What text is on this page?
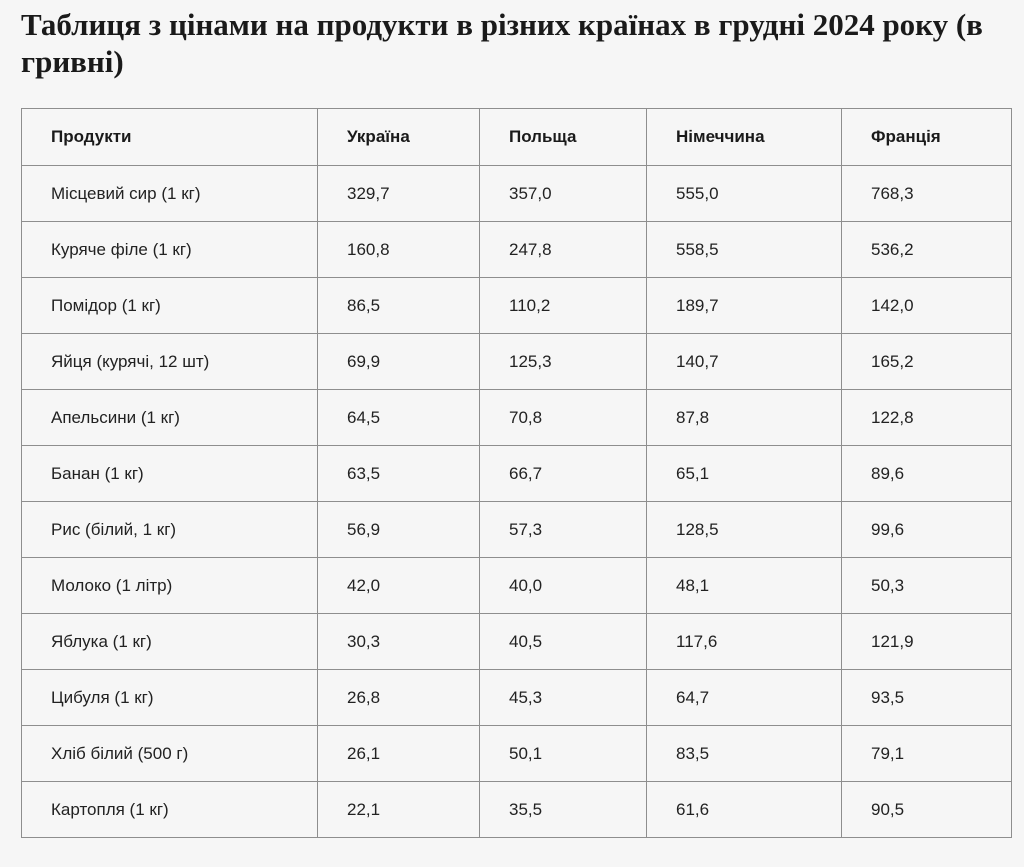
Таблиця з цінами на продукти в різних країнах в грудні 2024 року (в гривні)
Продукти	Україна	Польща	Німеччина	Франція
Місцевий сир (1 кг)	329,7	357,0	555,0	768,3
Куряче філе (1 кг)	160,8	247,8	558,5	536,2
Помідор (1 кг)	86,5	110,2	189,7	142,0
Яйця (курячі, 12 шт)	69,9	125,3	140,7	165,2
Апельсини (1 кг)	64,5	70,8	87,8	122,8
Банан (1 кг)	63,5	66,7	65,1	89,6
Рис (білий, 1 кг)	56,9	57,3	128,5	99,6
Молоко (1 літр)	42,0	40,0	48,1	50,3
Яблука (1 кг)	30,3	40,5	117,6	121,9
Цибуля (1 кг)	26,8	45,3	64,7	93,5
Хліб білий (500 г)	26,1	50,1	83,5	79,1
Картопля (1 кг)	22,1	35,5	61,6	90,5
